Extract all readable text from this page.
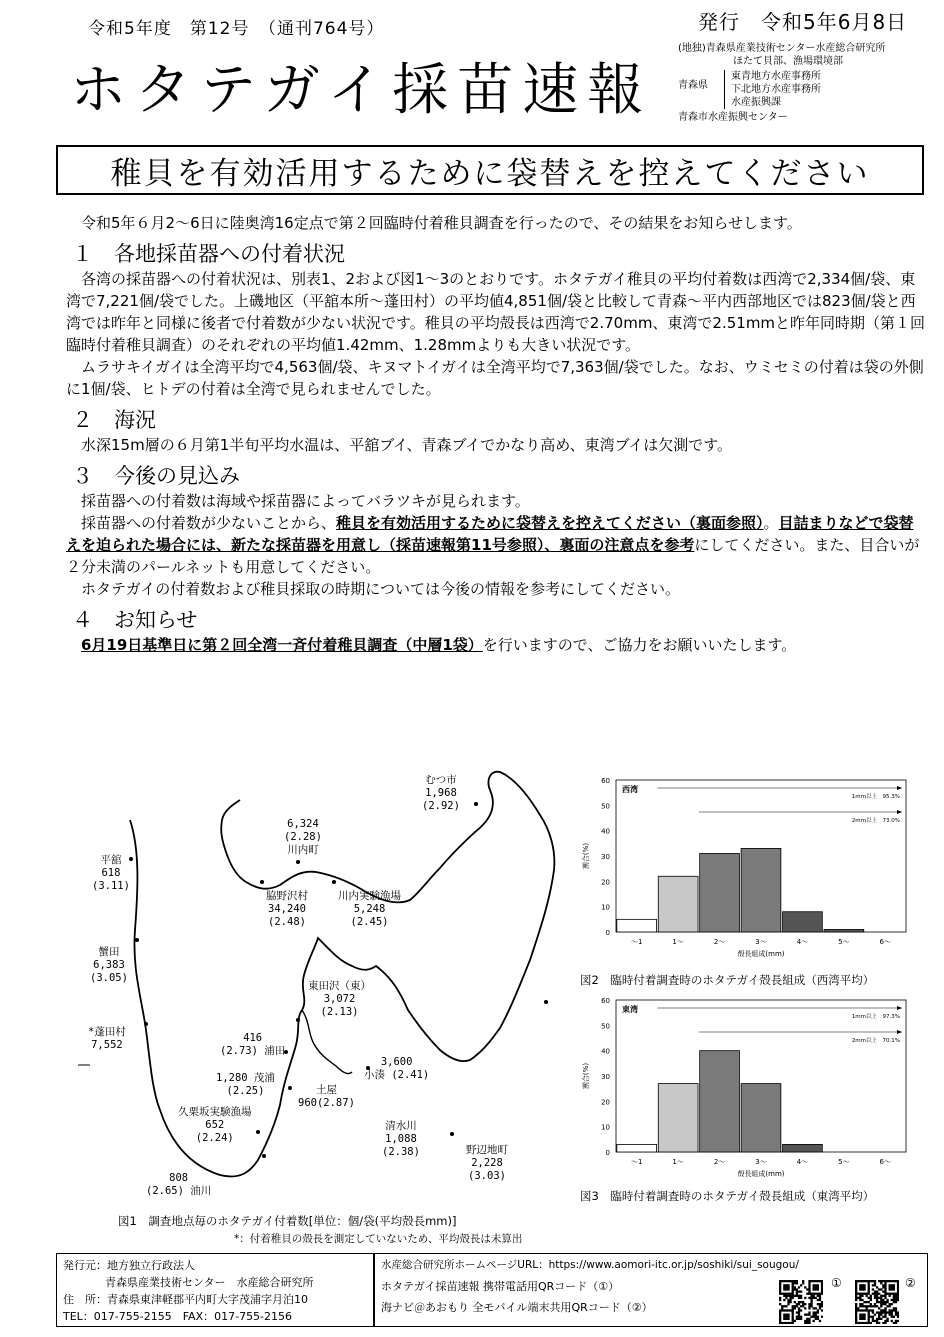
令和5年度　第12号　（通刊764号）	発行　令和5年6月8日
ホタテガイ採苗速報
(地独)青森県産業技術センター水産総合研究所
ほたて貝部、漁場環境部
青森県
東青地方水産事務所
下北地方水産事務所
水産振興課
青森市水産振興センター
稚貝を有効活用するために袋替えを控えてください

令和5年６月2～6日に陸奥湾16定点で第２回臨時付着稚貝調査を行ったので、その結果をお知らせします。

１　各地採苗器への付着状況

各湾の採苗器への付着状況は、別表1、2および図1～3のとおりです。ホタテガイ稚貝の平均付着数は西湾で2,334個/袋、東湾で7,221個/袋でした。上磯地区（平舘本所～蓬田村）の平均値4,851個/袋と比較して青森～平内西部地区では823個/袋と西湾では昨年と同様に後者で付着数が少ない状況です。稚貝の平均殻長は西湾で2.70mm、東湾で2.51mmと昨年同時期（第１回臨時付着稚貝調査）のそれぞれの平均値1.42mm、1.28mmよりも大きい状況です。

ムラサキイガイは全湾平均で4,563個/袋、キヌマトイガイは全湾平均で7,363個/袋でした。なお、ウミセミの付着は袋の外側に1個/袋、ヒトデの付着は全湾で見られませんでした。

２　海況

水深15m層の６月第1半旬平均水温は、平舘ブイ、青森ブイでかなり高め、東湾ブイは欠測です。

３　今後の見込み

採苗器への付着数は海域や採苗器によってバラツキが見られます。

採苗器への付着数が少ないことから、稚貝を有効活用するために袋替えを控えてください（裏面参照）。目詰まりなどで袋替えを迫られた場合には、新たな採苗器を用意し（採苗速報第11号参照）、裏面の注意点を参考にしてください。また、目合いが２分未満のパールネットも用意してください。

ホタテガイの付着数および稚貝採取の時期については今後の情報を参考にしてください。

４　お知らせ

6月19日基準日に第２回全湾一斉付着稚貝調査（中層1袋）を行いますので、ご協力をお願いいたします。

むつ市
1,968
(2.92)
6,324
(2.28)
川内町
脇野沢村
34,240
(2.48)
川内実験漁場
5,248
(2.45)
平舘
618
(3.11)
蟹田
6,383
(3.05)
*蓬田村
7,552
東田沢（東）
3,072
(2.13)
416
(2.73) 浦田
1,280 茂浦
(2.25)	土屋
960(2.87)
3,600
小湊 (2.41)
久栗坂実験漁場
652
(2.24)
清水川
1,088
(2.38)
808
(2.65) 油川
野辺地町
2,228
(3.03)
図1　調査地点毎のホタテガイ付着数[単位：個/袋(平均殻長mm)]
*：付着稚貝の殻長を測定していないため、平均殻長は未算出
0
10
20
30
40
50
60
割合(%)
～1	1～	2～	3～	4～	5～	6～
殻長組成(mm)
西湾
1mm以上　95.3%
2mm以上　73.0%
図2　臨時付着調査時のホタテガイ殻長組成（西湾平均）
0
10
20
30
40
50
60
割合(%)
～1	1～	2～	3～	4～	5～	6～
殻長組成(mm)
東湾
1mm以上　97.3%
2mm以上　70.1%
図3　臨時付着調査時のホタテガイ殻長組成（東湾平均）
発行元：地方独立行政法人
青森県産業技術センター　水産総合研究所
住　所：青森県東津軽郡平内町大字茂浦字月泊10
TEL：017-755-2155　FAX：017-755-2156
水産総合研究所ホームページURL：https://www.aomori-itc.or.jp/soshiki/sui_sougou/
ホタテガイ採苗速報 携帯電話用QRコード（①）
海ナビ＠あおもり 全モバイル端末共用QRコード（②）
①	②
